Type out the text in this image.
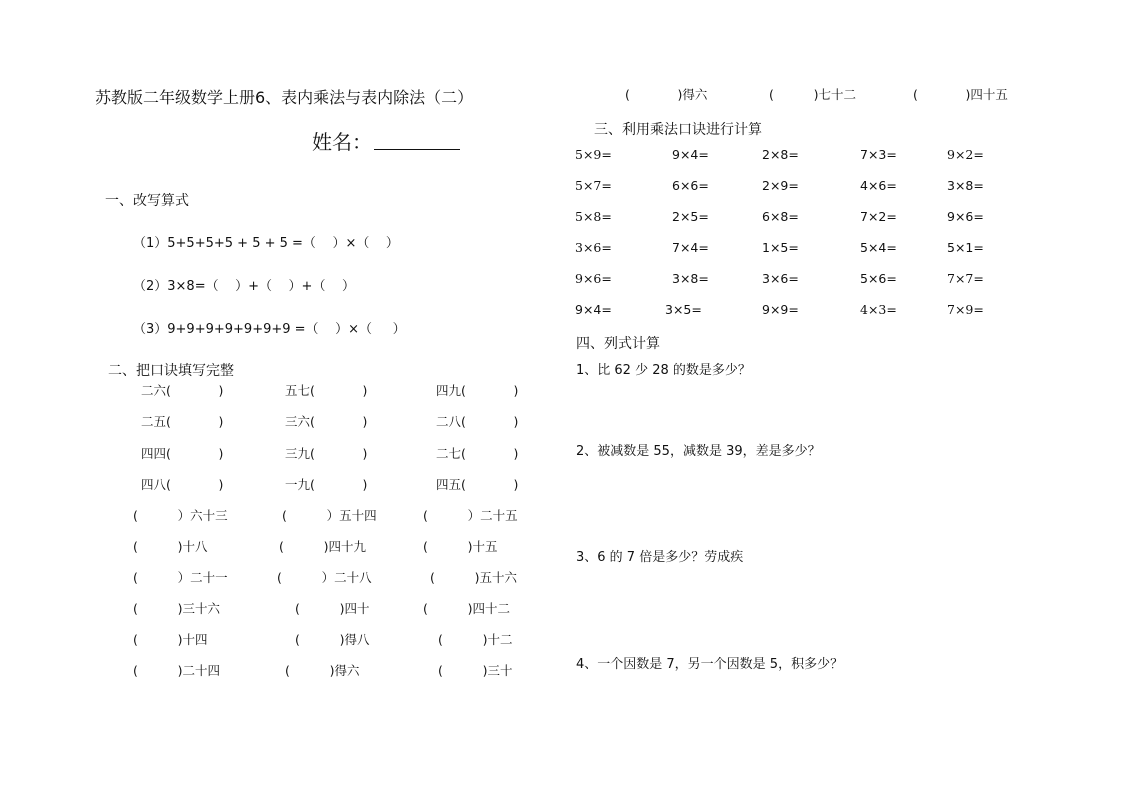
苏教版二年级数学上册6、表内乘法与表内除法（二）
姓名：
一、改写算式
（1）5+5+5+5 + 5 + 5 =（    ）×（    ）
（2）3×8=（    ）+（    ）+（    ）
（3）9+9+9+9+9+9+9 =（    ）×（     ）
二、把口诀填写完整
二六(            )	五七(            )	四九(            )
二五(            )	三六(            )	二八(            )
四四(            )	三九(            )	二七(            )
四八(            )	一九(            )	四五(            )
(          ）六十三	(          ）五十四	(          ）二十五
(          )十八	(          )四十九	(          )十五
(          ）二十一	(          ）二十八	(          )五十六
(          )三十六	(          )四十	(          )四十二
(          )十四	(          )得八	(          )十二
(          )二十四	(          )得六	(          )三十
(            )得六	(          )七十二	(            )四十五
三、利用乘法口诀进行计算
5×9=	9×4=	2×8=	7×3=	9×2=
5×7=	6×6=	2×9=	4×6=	3×8=
5×8=	2×5=	6×8=	7×2=	9×6=
3×6=	7×4=	1×5=	5×4=	5×1=
9×6=	3×8=	3×6=	5×6=	7×7=
9×4=	3×5=	9×9=	4×3=	7×9=
四、列式计算
1、比 62 少 28 的数是多少？
2、被减数是 55，减数是 39，差是多少？
3、6 的 7 倍是多少？劳成疾
4、一个因数是 7，另一个因数是 5，积多少？
